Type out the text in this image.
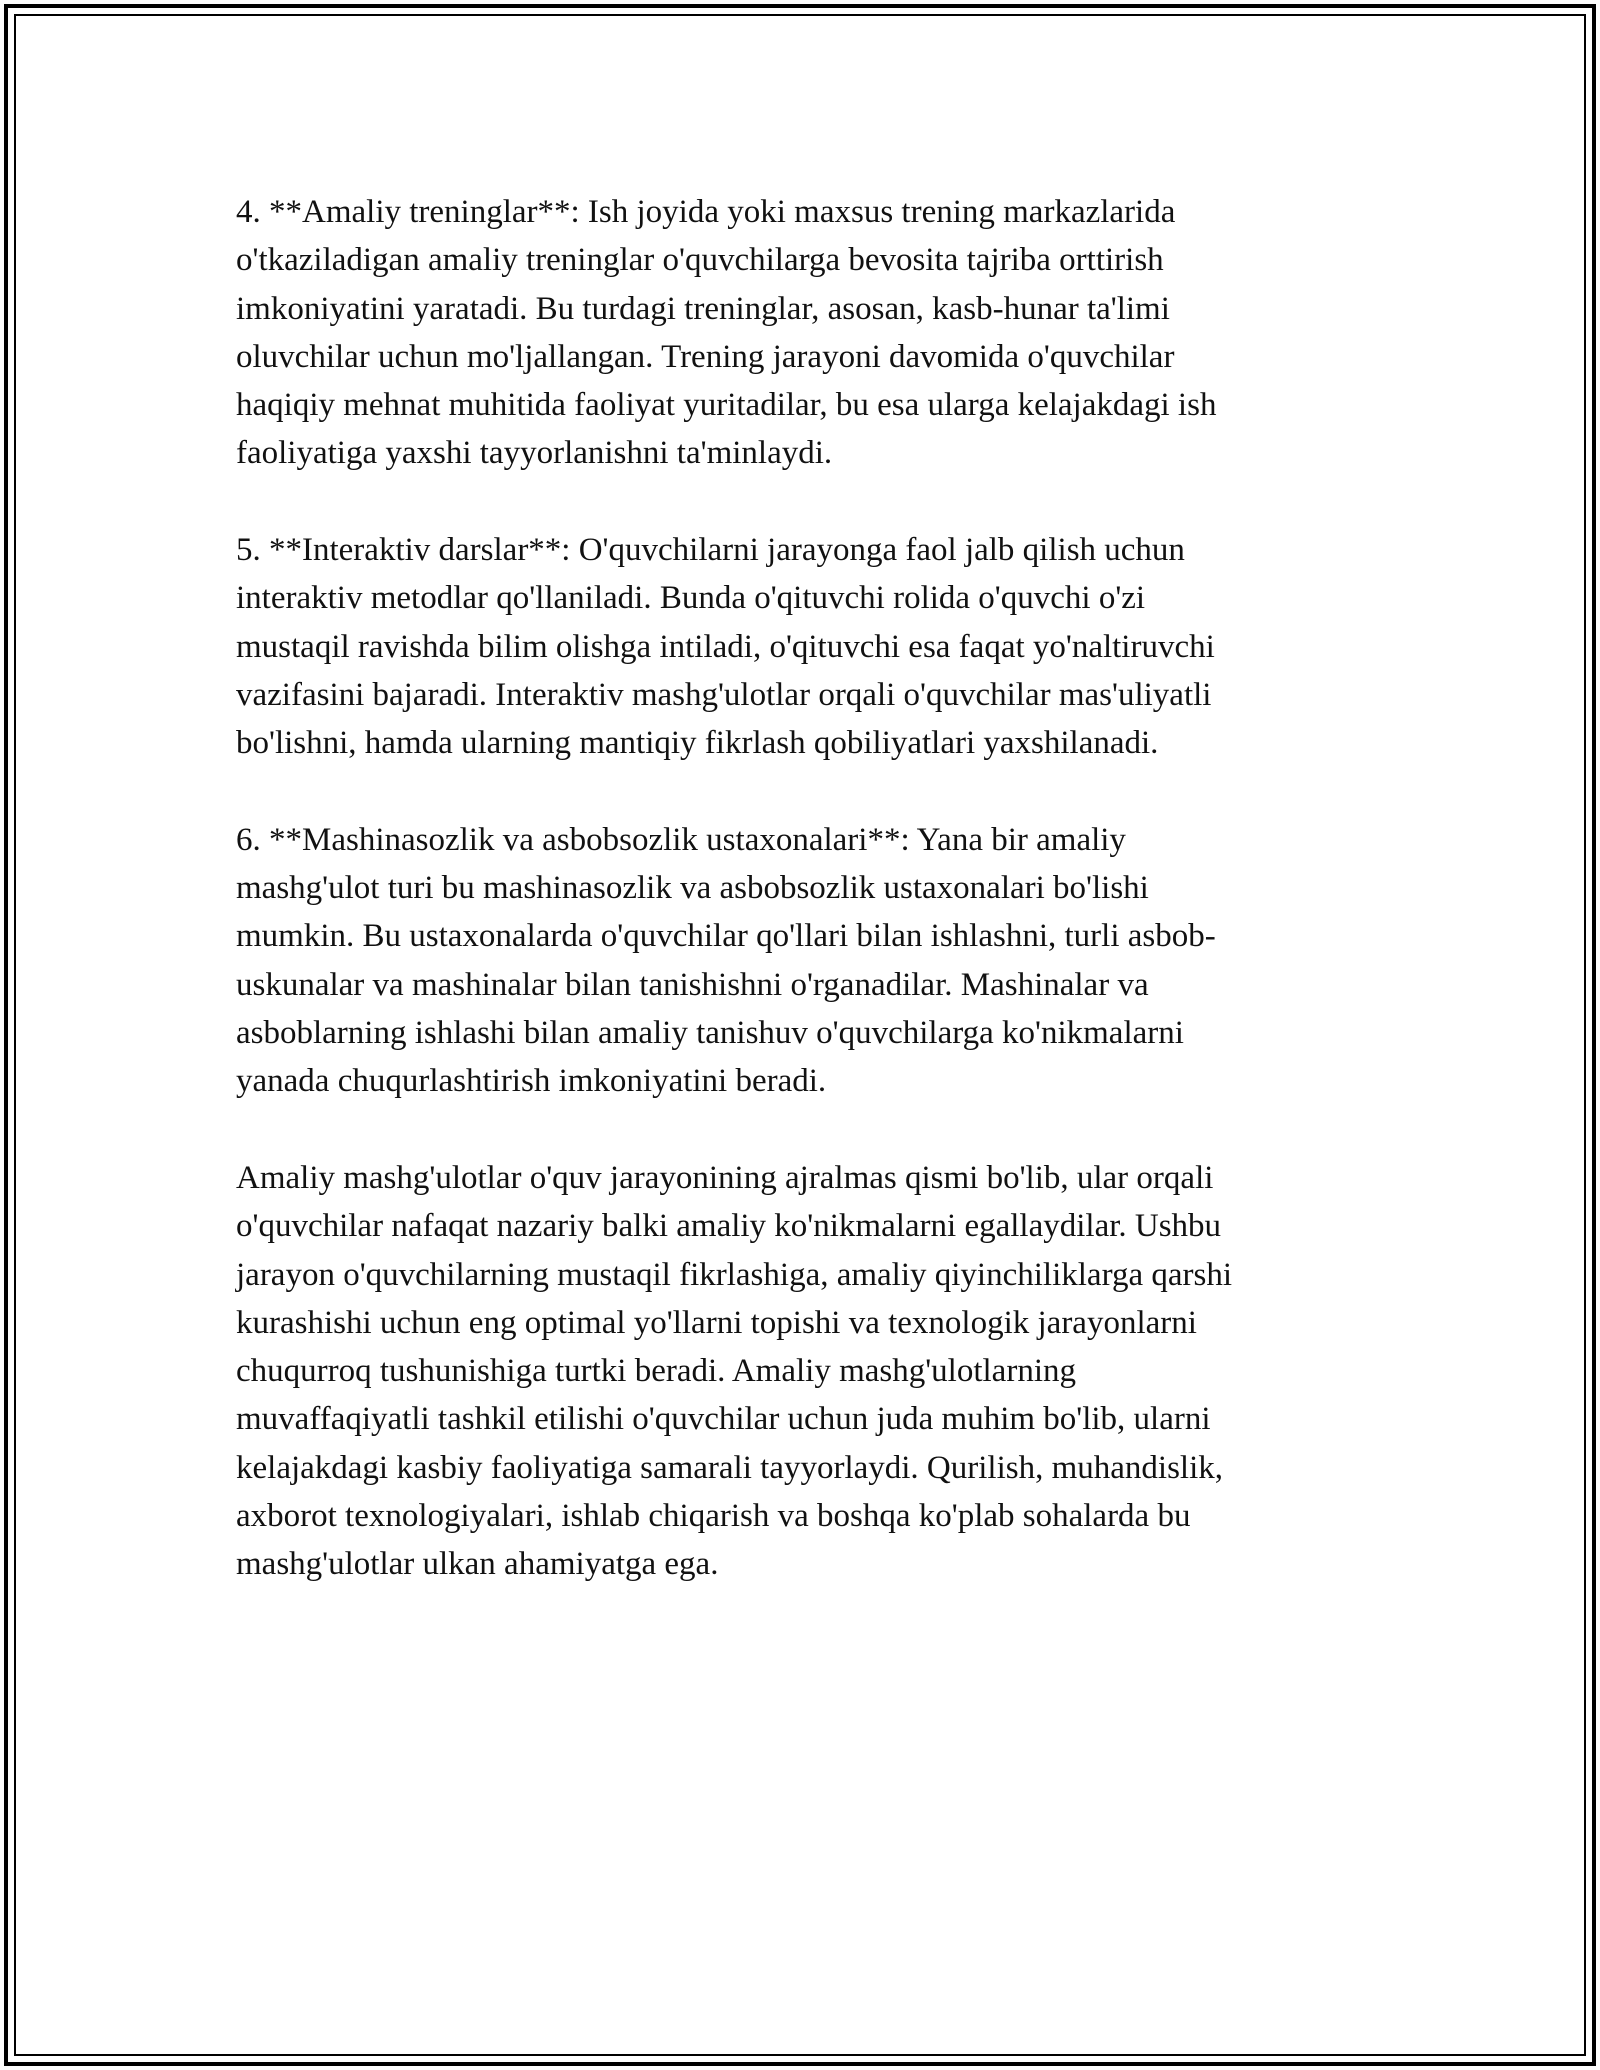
4. **Amaliy treninglar**: Ish joyida yoki maxsus trening markazlarida
o'tkaziladigan amaliy treninglar o'quvchilarga bevosita tajriba orttirish
imkoniyatini yaratadi. Bu turdagi treninglar, asosan, kasb-hunar ta'limi
oluvchilar uchun mo'ljallangan. Trening jarayoni davomida o'quvchilar
haqiqiy mehnat muhitida faoliyat yuritadilar, bu esa ularga kelajakdagi ish
faoliyatiga yaxshi tayyorlanishni ta'minlaydi.

5. **Interaktiv darslar**: O'quvchilarni jarayonga faol jalb qilish uchun
interaktiv metodlar qo'llaniladi. Bunda o'qituvchi rolida o'quvchi o'zi
mustaqil ravishda bilim olishga intiladi, o'qituvchi esa faqat yo'naltiruvchi
vazifasini bajaradi. Interaktiv mashg'ulotlar orqali o'quvchilar mas'uliyatli
bo'lishni, hamda ularning mantiqiy fikrlash qobiliyatlari yaxshilanadi.

6. **Mashinasozlik va asbobsozlik ustaxonalari**: Yana bir amaliy
mashg'ulot turi bu mashinasozlik va asbobsozlik ustaxonalari bo'lishi
mumkin. Bu ustaxonalarda o'quvchilar qo'llari bilan ishlashni, turli asbob-
uskunalar va mashinalar bilan tanishishni o'rganadilar. Mashinalar va
asboblarning ishlashi bilan amaliy tanishuv o'quvchilarga ko'nikmalarni
yanada chuqurlashtirish imkoniyatini beradi.

Amaliy mashg'ulotlar o'quv jarayonining ajralmas qismi bo'lib, ular orqali
o'quvchilar nafaqat nazariy balki amaliy ko'nikmalarni egallaydilar. Ushbu
jarayon o'quvchilarning mustaqil fikrlashiga, amaliy qiyinchiliklarga qarshi
kurashishi uchun eng optimal yo'llarni topishi va texnologik jarayonlarni
chuqurroq tushunishiga turtki beradi. Amaliy mashg'ulotlarning
muvaffaqiyatli tashkil etilishi o'quvchilar uchun juda muhim bo'lib, ularni
kelajakdagi kasbiy faoliyatiga samarali tayyorlaydi. Qurilish, muhandislik,
axborot texnologiyalari, ishlab chiqarish va boshqa ko'plab sohalarda bu
mashg'ulotlar ulkan ahamiyatga ega.
